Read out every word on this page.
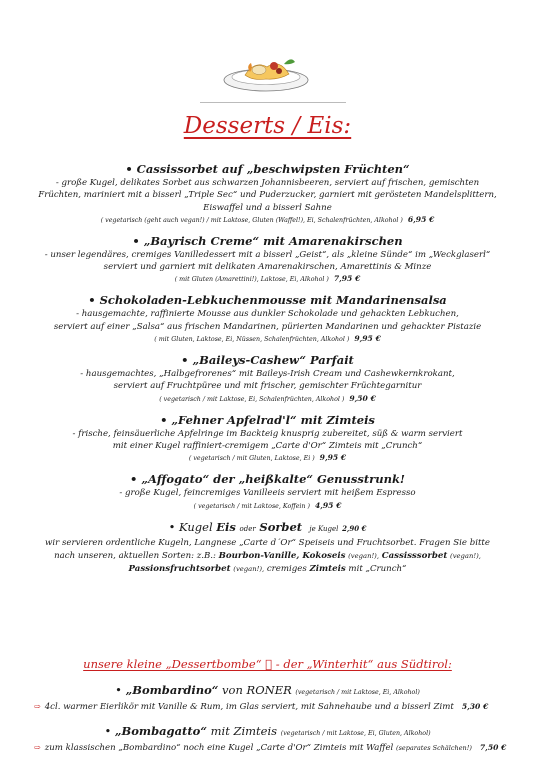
Desserts / Eis:
• Cassissorbet auf „beschwipsten Früchten“
- große Kugel, delikates Sorbet aus schwarzen Johannisbeeren, serviert auf frischen, gemischten
Früchten, mariniert mit a bisserl „Triple Sec“ und Puderzucker, garniert mit gerösteten Mandelsplittern,
Eiswaffel und a bisserl Sahne
( vegetarisch (geht auch vegan!) / mit Laktose, Gluten (Waffel!), Ei, Schalenfrüchten, Alkohol ) 6,95 €
• „Bayrisch Creme“ mit Amarenakirschen
- unser legendäres, cremiges Vanilledessert mit a bisserl „Geist“, als „kleine Sünde“ im „Weckglaserl“
serviert und garniert mit delikaten Amarenakirschen, Amarettinis & Minze
( mit Gluten (Amarettini!), Laktose, Ei, Alkohol ) 7,95 €
• Schokoladen-Lebkuchenmousse mit Mandarinensalsa
- hausgemachte, raffinierte Mousse aus dunkler Schokolade und gehackten Lebkuchen,
serviert auf einer „Salsa“ aus frischen Mandarinen, pürierten Mandarinen und gehackter Pistazie
( mit Gluten, Laktose, Ei, Nüssen, Schalenfrüchten, Alkohol ) 9,95 €
• „Baileys-Cashew“ Parfait
- hausgemachtes, „Halbgefrorenes“ mit Baileys-Irish Cream und Cashewkernkrokant,
serviert auf Fruchtpüree und mit frischer, gemischter Früchtegarnitur
( vegetarisch / mit Laktose, Ei, Schalenfrüchten, Alkohol ) 9,50 €
• „Fehner Apfelrad'l“ mit Zimteis
- frische, feinsäuerliche Apfelringe im Backteig knusprig zubereitet, süß & warm serviert
mit einer Kugel raffiniert-cremigem „Carte d'Or“ Zimteis mit „Crunch“
( vegetarisch / mit Gluten, Laktose, Ei ) 9,95 €
• „Affogato“ der „heißkalte“ Genusstrunk!
- große Kugel, feincremiges Vanilleeis serviert mit heißem Espresso
( vegetarisch / mit Laktose, Koffein ) 4,95 €
• Kugel Eis oder Sorbet je Kugel 2,90 €
wir servieren ordentliche Kugeln, Langnese „Carte d´Or“ Speiseis und Fruchtsorbet. Fragen Sie bitte
nach unseren, aktuellen Sorten: z.B.: Bourbon-Vanille, Kokoseis (vegan!), Cassisssorbet (vegan!),
Passionsfruchtsorbet (vegan!), cremiges Zimteis mit „Crunch“
unsere kleine „Dessertbombe“ ⃞ - der „Winterhit“ aus Südtirol:
• „Bombardino“ von RONER (vegetarisch / mit Laktose, Ei, Alkohol)
⇨ 4cl. warmer Eierlikör mit Vanille & Rum, im Glas serviert, mit Sahnehaube und a bisserl Zimt 5,30 €
• „Bombagatto“ mit Zimteis (vegetarisch / mit Laktose, Ei, Gluten, Alkohol)
⇨ zum klassischen „Bombardino“ noch eine Kugel „Carte d'Or“ Zimteis mit Waffel (separates Schälchen!) 7,50 €
